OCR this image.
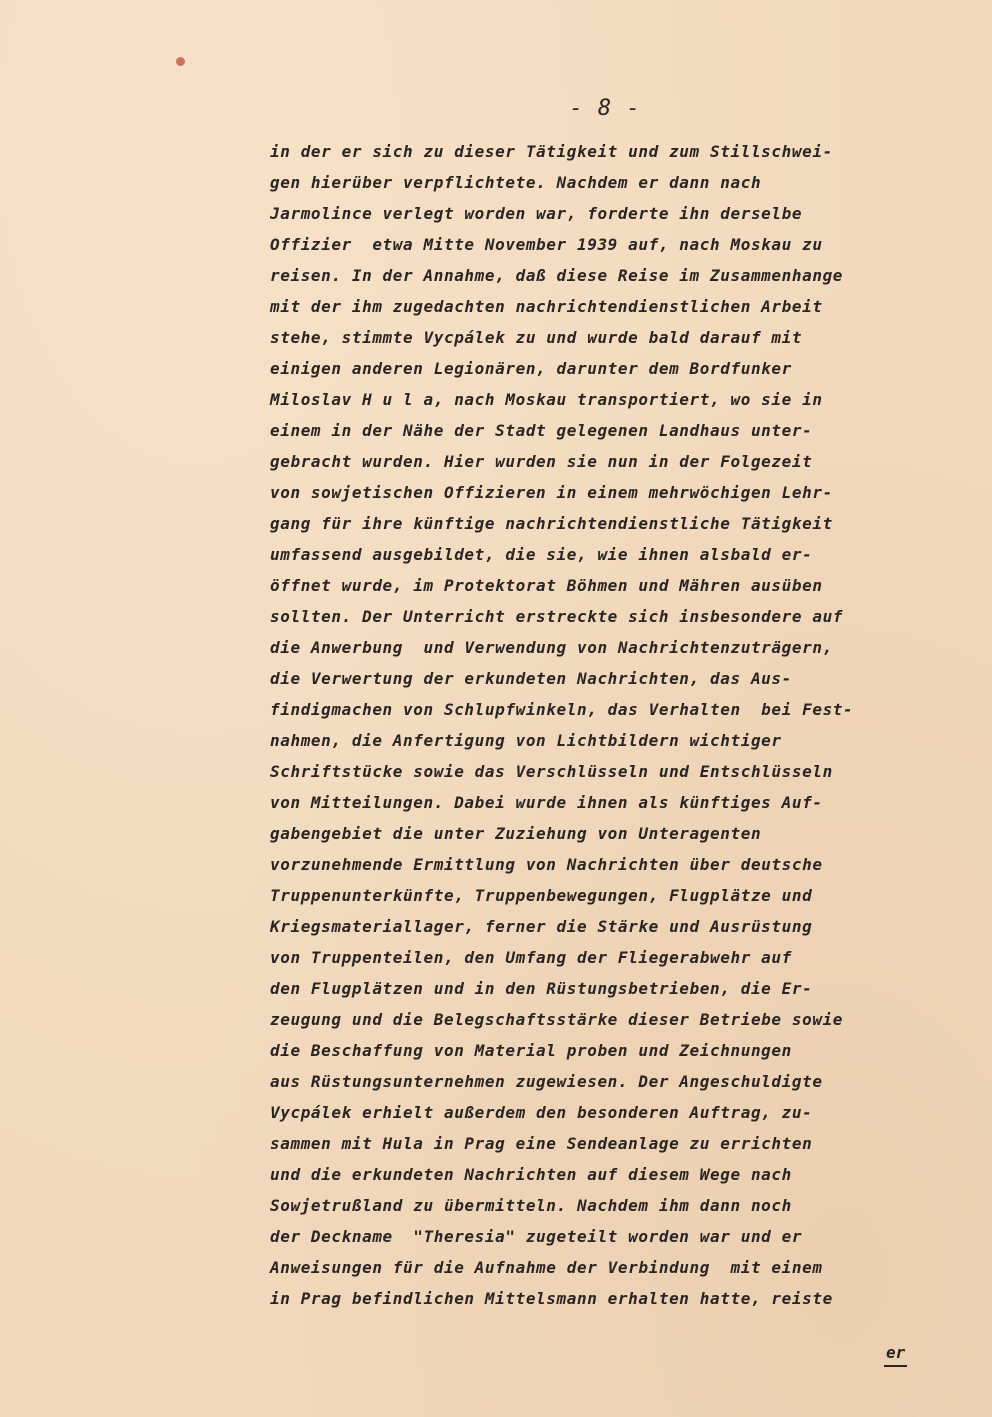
- 8 -
in der er sich zu dieser Tätigkeit und zum Stillschwei-
gen hierüber verpflichtete. Nachdem er dann nach
Jarmolince verlegt worden war, forderte ihn derselbe
Offizier  etwa Mitte November 1939 auf, nach Moskau zu
reisen. In der Annahme, daß diese Reise im Zusammenhange
mit der ihm zugedachten nachrichtendienstlichen Arbeit
stehe, stimmte Vycpálek zu und wurde bald darauf mit
einigen anderen Legionären, darunter dem Bordfunker
Miloslav H u l a, nach Moskau transportiert, wo sie in
einem in der Nähe der Stadt gelegenen Landhaus unter-
gebracht wurden. Hier wurden sie nun in der Folgezeit
von sowjetischen Offizieren in einem mehrwöchigen Lehr-
gang für ihre künftige nachrichtendienstliche Tätigkeit
umfassend ausgebildet, die sie, wie ihnen alsbald er-
öffnet wurde, im Protektorat Böhmen und Mähren ausüben
sollten. Der Unterricht erstreckte sich insbesondere auf
die Anwerbung  und Verwendung von Nachrichtenzuträgern,
die Verwertung der erkundeten Nachrichten, das Aus-
findigmachen von Schlupfwinkeln, das Verhalten  bei Fest-
nahmen, die Anfertigung von Lichtbildern wichtiger
Schriftstücke sowie das Verschlüsseln und Entschlüsseln
von Mitteilungen. Dabei wurde ihnen als künftiges Auf-
gabengebiet die unter Zuziehung von Unteragenten
vorzunehmende Ermittlung von Nachrichten über deutsche
Truppenunterkünfte, Truppenbewegungen, Flugplätze und
Kriegsmateriallager, ferner die Stärke und Ausrüstung
von Truppenteilen, den Umfang der Fliegerabwehr auf
den Flugplätzen und in den Rüstungsbetrieben, die Er-
zeugung und die Belegschaftsstärke dieser Betriebe sowie
die Beschaffung von Material proben und Zeichnungen
aus Rüstungsunternehmen zugewiesen. Der Angeschuldigte
Vycpálek erhielt außerdem den besonderen Auftrag, zu-
sammen mit Hula in Prag eine Sendeanlage zu errichten
und die erkundeten Nachrichten auf diesem Wege nach
Sowjetrußland zu übermitteln. Nachdem ihm dann noch
der Deckname  "Theresia" zugeteilt worden war und er
Anweisungen für die Aufnahme der Verbindung  mit einem
in Prag befindlichen Mittelsmann erhalten hatte, reiste
er
